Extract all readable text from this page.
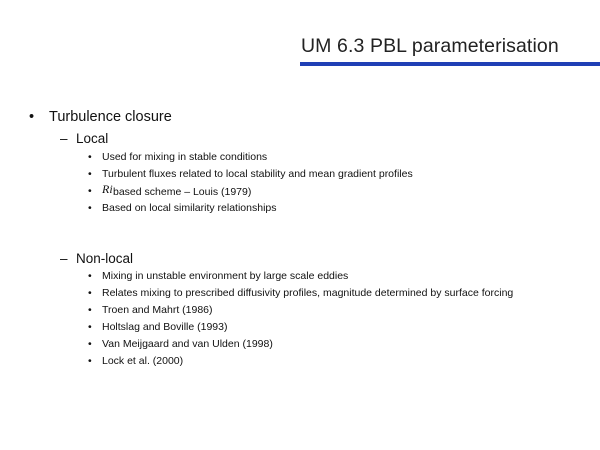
UM 6.3 PBL parameterisation
• Turbulence closure
– Local
• Used for mixing in stable conditions
• Turbulent fluxes related to local stability and mean gradient profiles
• Ri based scheme – Louis (1979)
• Based on local similarity relationships
– Non-local
• Mixing in unstable environment by large scale eddies
• Relates mixing to prescribed diffusivity profiles, magnitude determined by surface forcing
• Troen and Mahrt (1986)
• Holtslag and Boville (1993)
• Van Meijgaard and van Ulden (1998)
• Lock et al. (2000)
